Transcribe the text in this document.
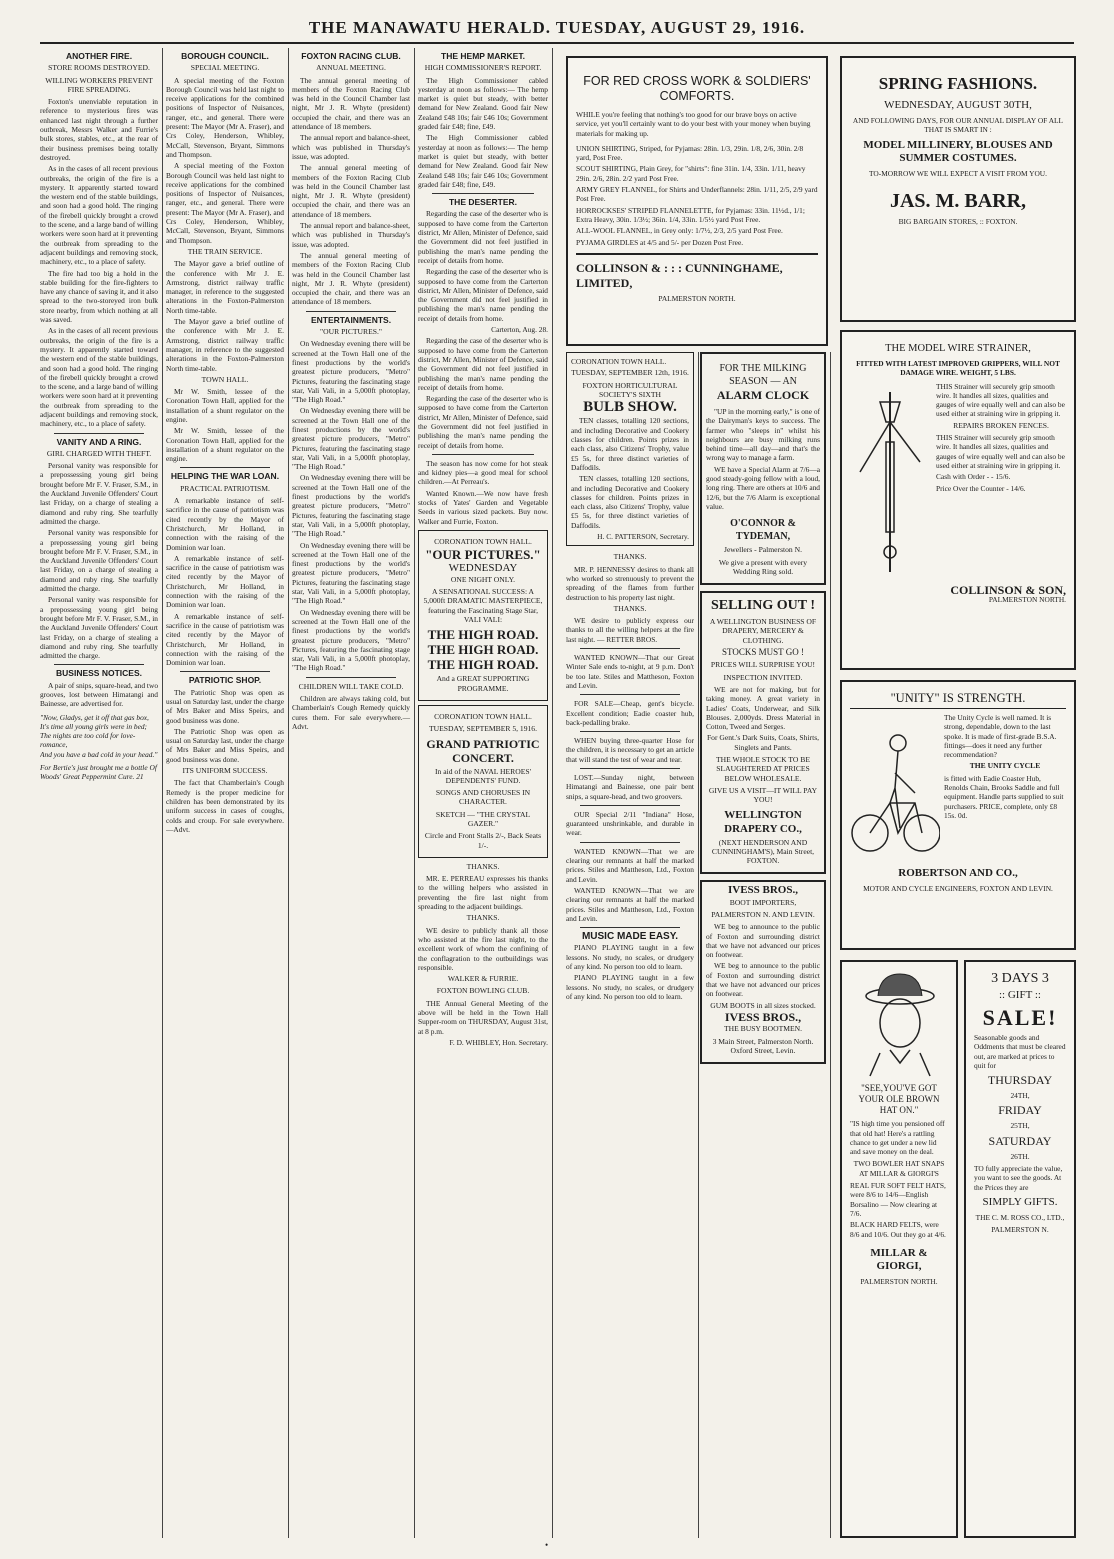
THE MANAWATU HERALD. TUESDAY, AUGUST 29, 1916.
ANOTHER FIRE.
STORE ROOMS DESTROYED.
WILLING WORKERS PREVENT FIRE SPREADING.

Foxton's unenviable reputation in reference to mysterious fires was enhanced last night through a further outbreak, Messrs Walker and Furrie's bulk stores, stables, etc., at the rear of their business premises being totally destroyed.

As in the cases of all recent previous outbreaks, the origin of the fire is a mystery. It apparently started toward the western end of the stable buildings, and soon had a good hold. The ringing of the firebell quickly brought a crowd to the scene, and a large band of willing workers were soon hard at it preventing the outbreak from spreading to the adjacent buildings and removing stock, machinery, etc., to a place of safety.

The fire had too big a hold in the stable building for the fire-fighters to have any chance of saving it, and it also spread to the two-storeyed iron bulk store nearby, from which nothing at all was saved.

As in the cases of all recent previous outbreaks, the origin of the fire is a mystery. It apparently started toward the western end of the stable buildings, and soon had a good hold. The ringing of the firebell quickly brought a crowd to the scene, and a large band of willing workers were soon hard at it preventing the outbreak from spreading to the adjacent buildings and removing stock, machinery, etc., to a place of safety.

VANITY AND A RING.
GIRL CHARGED WITH THEFT.

Personal vanity was responsible for a prepossessing young girl being brought before Mr F. V. Fraser, S.M., in the Auckland Juvenile Offenders' Court last Friday, on a charge of stealing a diamond and ruby ring. She tearfully admitted the charge.

Personal vanity was responsible for a prepossessing young girl being brought before Mr F. V. Fraser, S.M., in the Auckland Juvenile Offenders' Court last Friday, on a charge of stealing a diamond and ruby ring. She tearfully admitted the charge.

Personal vanity was responsible for a prepossessing young girl being brought before Mr F. V. Fraser, S.M., in the Auckland Juvenile Offenders' Court last Friday, on a charge of stealing a diamond and ruby ring. She tearfully admitted the charge.

BUSINESS NOTICES.

A pair of snips, square-head, and two grooves, lost between Himatangi and Bainesse, are advertised for.

"Now, Gladys, get it off that gas box,
It's time all young girls were in bed; The nights are too cold for love-romance,
And you have a bad cold in your head."
For Bertie's just brought me a bottle Of Woods' Great Peppermint Cure. 21
BOROUGH COUNCIL.
SPECIAL MEETING.

A special meeting of the Foxton Borough Council was held last night to receive applications for the combined positions of Inspector of Nuisances, ranger, etc., and general. There were present: The Mayor (Mr A. Fraser), and Crs Coley, Henderson, Whibley, McCall, Stevenson, Bryant, Simmons and Thompson.

A special meeting of the Foxton Borough Council was held last night to receive applications for the combined positions of Inspector of Nuisances, ranger, etc., and general. There were present: The Mayor (Mr A. Fraser), and Crs Coley, Henderson, Whibley, McCall, Stevenson, Bryant, Simmons and Thompson.

THE TRAIN SERVICE.

The Mayor gave a brief outline of the conference with Mr J. E. Armstrong, district railway traffic manager, in reference to the suggested alterations in the Foxton-Palmerston North time-table.

The Mayor gave a brief outline of the conference with Mr J. E. Armstrong, district railway traffic manager, in reference to the suggested alterations in the Foxton-Palmerston North time-table.

TOWN HALL.

Mr W. Smith, lessee of the Coronation Town Hall, applied for the installation of a shunt regulator on the engine.

Mr W. Smith, lessee of the Coronation Town Hall, applied for the installation of a shunt regulator on the engine.

HELPING THE WAR LOAN.
PRACTICAL PATRIOTISM.

A remarkable instance of self-sacrifice in the cause of patriotism was cited recently by the Mayor of Christchurch, Mr Holland, in connection with the raising of the Dominion war loan.

A remarkable instance of self-sacrifice in the cause of patriotism was cited recently by the Mayor of Christchurch, Mr Holland, in connection with the raising of the Dominion war loan.

A remarkable instance of self-sacrifice in the cause of patriotism was cited recently by the Mayor of Christchurch, Mr Holland, in connection with the raising of the Dominion war loan.

PATRIOTIC SHOP.

The Patriotic Shop was open as usual on Saturday last, under the charge of Mrs Baker and Miss Speirs, and good business was done.

The Patriotic Shop was open as usual on Saturday last, under the charge of Mrs Baker and Miss Speirs, and good business was done.

ITS UNIFORM SUCCESS.

The fact that Chamberlain's Cough Remedy is the proper medicine for children has been demonstrated by its uniform success in cases of coughs, colds and croup. For sale everywhere.—Advt.

FOXTON RACING CLUB.
ANNUAL MEETING.

The annual general meeting of members of the Foxton Racing Club was held in the Council Chamber last night, Mr J. R. Whyte (president) occupied the chair, and there was an attendance of 18 members.

The annual report and balance-sheet, which was published in Thursday's issue, was adopted.

The annual general meeting of members of the Foxton Racing Club was held in the Council Chamber last night, Mr J. R. Whyte (president) occupied the chair, and there was an attendance of 18 members.

The annual report and balance-sheet, which was published in Thursday's issue, was adopted.

The annual general meeting of members of the Foxton Racing Club was held in the Council Chamber last night, Mr J. R. Whyte (president) occupied the chair, and there was an attendance of 18 members.

ENTERTAINMENTS.
"OUR PICTURES."

On Wednesday evening there will be screened at the Town Hall one of the finest productions by the world's greatest picture producers, "Metro" Pictures, featuring the fascinating stage star, Vali Vali, in a 5,000ft photoplay, "The High Road."

On Wednesday evening there will be screened at the Town Hall one of the finest productions by the world's greatest picture producers, "Metro" Pictures, featuring the fascinating stage star, Vali Vali, in a 5,000ft photoplay, "The High Road."

On Wednesday evening there will be screened at the Town Hall one of the finest productions by the world's greatest picture producers, "Metro" Pictures, featuring the fascinating stage star, Vali Vali, in a 5,000ft photoplay, "The High Road."

On Wednesday evening there will be screened at the Town Hall one of the finest productions by the world's greatest picture producers, "Metro" Pictures, featuring the fascinating stage star, Vali Vali, in a 5,000ft photoplay, "The High Road."

On Wednesday evening there will be screened at the Town Hall one of the finest productions by the world's greatest picture producers, "Metro" Pictures, featuring the fascinating stage star, Vali Vali, in a 5,000ft photoplay, "The High Road."

CHILDREN WILL TAKE COLD.

Children are always taking cold, but Chamberlain's Cough Remedy quickly cures them. For sale everywhere.—Advt.

THE HEMP MARKET.
HIGH COMMISSIONER'S REPORT.

The High Commissioner cabled yesterday at noon as follows:— The hemp market is quiet but steady, with better demand for New Zealand. Good fair New Zealand £48 10s; fair £46 10s; Government graded fair £48; fine, £49.

The High Commissioner cabled yesterday at noon as follows:— The hemp market is quiet but steady, with better demand for New Zealand. Good fair New Zealand £48 10s; fair £46 10s; Government graded fair £48; fine, £49.

THE DESERTER.

Regarding the case of the deserter who is supposed to have come from the Carterton district, Mr Allen, Minister of Defence, said the Government did not feel justified in publishing the man's name pending the receipt of details from home.

Regarding the case of the deserter who is supposed to have come from the Carterton district, Mr Allen, Minister of Defence, said the Government did not feel justified in publishing the man's name pending the receipt of details from home.

Carterton, Aug. 28.

Regarding the case of the deserter who is supposed to have come from the Carterton district, Mr Allen, Minister of Defence, said the Government did not feel justified in publishing the man's name pending the receipt of details from home.

Regarding the case of the deserter who is supposed to have come from the Carterton district, Mr Allen, Minister of Defence, said the Government did not feel justified in publishing the man's name pending the receipt of details from home.

The season has now come for hot steak and kidney pies—a good meal for school children.—At Perreau's.

Wanted Known.—We now have fresh stocks of Yates' Garden and Vegetable Seeds in various sized packets. Buy now. Walker and Furrie, Foxton.

CORONATION TOWN HALL.
"OUR PICTURES."
WEDNESDAY
ONE NIGHT ONLY.
A SENSATIONAL SUCCESS: A 5,000ft DRAMATIC MASTERPIECE, featuring the Fascinating Stage Star, VALI VALI:
THE HIGH ROAD.
THE HIGH ROAD.
THE HIGH ROAD.
And a GREAT SUPPORTING PROGRAMME.
CORONATION TOWN HALL.
TUESDAY, SEPTEMBER 5, 1916.
GRAND PATRIOTIC CONCERT.
In aid of the NAVAL HEROES' DEPENDENTS' FUND.
SONGS AND CHORUSES IN CHARACTER.
SKETCH — "THE CRYSTAL GAZER."
Circle and Front Stalls 2/-, Back Seats 1/-.
THANKS.

MR. E. PERREAU expresses his thanks to the willing helpers who assisted in preventing the fire last night from spreading to the adjacent buildings.

THANKS.

WE desire to publicly thank all those who assisted at the fire last night, to the excellent work of whom the confining of the conflagration to the outbuildings was responsible.

WALKER & FURRIE.
FOXTON BOWLING CLUB.

THE Annual General Meeting of the above will be held in the Town Hall Supper-room on THURSDAY, August 31st, at 8 p.m.

F. D. WHIBLEY, Hon. Secretary.
FOR RED CROSS WORK & SOLDIERS' COMFORTS.

WHILE you're feeling that nothing's too good for our brave boys on active service, yet you'll certainly want to do your best with your money when buying materials for making up.

UNION SHIRTING, Striped, for Pyjamas: 28in. 1/3, 29in. 1/8, 2/6, 30in. 2/8 yard, Post Free.
SCOUT SHIRTING, Plain Grey, for "shirts": fine 31in. 1/4, 33in. 1/11, heavy 29in. 2/6, 28in. 2/2 yard Post Free.
ARMY GREY FLANNEL, for Shirts and Underflannels: 28in. 1/11, 2/5, 2/9 yard Post Free.
HORROCKSES' STRIPED FLANNELETTE, for Pyjamas: 33in. 11½d., 1/1; Extra Heavy, 30in. 1/3½; 36in. 1/4, 33in. 1/5½ yard Post Free.
ALL-WOOL FLANNEL, in Grey only: 1/7½, 2/3, 2/5 yard Post Free.
PYJAMA GIRDLES at 4/5 and 5/- per Dozen Post Free.
COLLINSON & : : : CUNNINGHAME, LIMITED,
PALMERSTON NORTH.
CORONATION TOWN HALL.
TUESDAY, SEPTEMBER 12th, 1916.
FOXTON HORTICULTURAL SOCIETY'S SIXTH
BULB SHOW.

TEN classes, totalling 120 sections, and including Decorative and Cookery classes for children. Points prizes in each class, also Citizens' Trophy, value £5 5s, for three distinct varieties of Daffodils.

TEN classes, totalling 120 sections, and including Decorative and Cookery classes for children. Points prizes in each class, also Citizens' Trophy, value £5 5s, for three distinct varieties of Daffodils.

H. C. PATTERSON, Secretary.
THANKS.

MR. P. HENNESSY desires to thank all who worked so strenuously to prevent the spreading of the flames from further destruction to his property last night.

THANKS.

WE desire to publicly express our thanks to all the willing helpers at the fire last night. — RETTER BROS.

WANTED KNOWN—That our Great Winter Sale ends to-night, at 9 p.m. Don't be too late. Stiles and Mattheson, Foxton and Levin.

FOR SALE—Cheap, gent's bicycle. Excellent condition; Eadie coaster hub, back-pedalling brake.

WHEN buying three-quarter Hose for the children, it is necessary to get an article that will stand the test of wear and tear.

LOST.—Sunday night, between Himatangi and Bainesse, one pair bent snips, a square-head, and two groovers.

OUR Special 2/11 "Indiana" Hose, guaranteed unshrinkable, and durable in wear.

WANTED KNOWN—That we are clearing our remnants at half the marked prices. Stiles and Mattheson, Ltd., Foxton and Levin.

WANTED KNOWN—That we are clearing our remnants at half the marked prices. Stiles and Mattheson, Ltd., Foxton and Levin.

MUSIC MADE EASY.

PIANO PLAYING taught in a few lessons. No study, no scales, or drudgery of any kind. No person too old to learn.

PIANO PLAYING taught in a few lessons. No study, no scales, or drudgery of any kind. No person too old to learn.

FOR THE MILKING
SEASON — AN
ALARM CLOCK

"UP in the morning early," is one of the Dairyman's keys to success. The farmer who "sleeps in" whilst his neighbours are busy milking runs behind time—all day—and that's the wrong way to manage a farm.

WE have a Special Alarm at 7/6—a good steady-going fellow with a loud, long ring. There are others at 10/6 and 12/6, but the 7/6 Alarm is exceptional value.

O'CONNOR & TYDEMAN,
Jewellers - Palmerston N.
We give a present with every Wedding Ring sold.
SELLING OUT !
A WELLINGTON BUSINESS OF DRAPERY, MERCERY & CLOTHING.
STOCKS MUST GO !
PRICES WILL SURPRISE YOU!
INSPECTION INVITED.

WE are not for making, but for taking money. A great variety in Ladies' Coats, Underwear, and Silk Blouses. 2,000yds. Dress Material in Cotton, Tweed and Serges.

For Gent.'s Dark Suits, Coats, Shirts, Singlets and Pants.
THE WHOLE STOCK TO BE SLAUGHTERED AT PRICES BELOW WHOLESALE.
GIVE US A VISIT—IT WILL PAY YOU!
WELLINGTON DRAPERY CO.,
(NEXT HENDERSON AND CUNNINGHAM'S), Main Street, FOXTON.
IVESS BROS.,
BOOT IMPORTERS,
PALMERSTON N. AND LEVIN.

WE beg to announce to the public of Foxton and surrounding district that we have not advanced our prices on footwear.

WE beg to announce to the public of Foxton and surrounding district that we have not advanced our prices on footwear.

GUM BOOTS in all sizes stocked.
IVESS BROS.,
THE BUSY BOOTMEN.
3 Main Street, Palmerston North. Oxford Street, Levin.
SPRING FASHIONS.
WEDNESDAY, AUGUST 30TH,
AND FOLLOWING DAYS, FOR OUR ANNUAL DISPLAY OF ALL THAT IS SMART IN :
MODEL MILLINERY, BLOUSES AND SUMMER COSTUMES.
TO-MORROW WE WILL EXPECT A VISIT FROM YOU.
JAS. M. BARR,
BIG BARGAIN STORES, :: FOXTON.
THE MODEL WIRE STRAINER,
FITTED WITH LATEST IMPROVED GRIPPERS, WILL NOT DAMAGE WIRE. WEIGHT, 5 LBS.

THIS Strainer will securely grip smooth wire. It handles all sizes, qualities and gauges of wire equally well and can also be used either at straining wire in gripping it.

REPAIRS BROKEN FENCES.

THIS Strainer will securely grip smooth wire. It handles all sizes, qualities and gauges of wire equally well and can also be used either at straining wire in gripping it.

Cash with Order - - 15/6.
Price Over the Counter - 14/6.
COLLINSON & SON,
PALMERSTON NORTH.
"UNITY" IS STRENGTH.

The Unity Cycle is well named. It is strong, dependable, down to the last spoke. It is made of first-grade B.S.A. fittings—does it need any further recommendation?

THE UNITY CYCLE

is fitted with Eadie Coaster Hub, Renolds Chain, Brooks Saddle and full equipment. Handle parts supplied to suit purchasers. PRICE, complete, only £8 15s. 0d.

ROBERTSON AND CO.,
MOTOR AND CYCLE ENGINEERS, FOXTON AND LEVIN.
"SEE,YOU'VE GOT YOUR OLE BROWN HAT ON."

"IS high time you pensioned off that old hat! Here's a rattling chance to get under a new lid and save money on the deal.

TWO BOWLER HAT SNAPS AT MILLAR & GIORGI'S

REAL FUR SOFT FELT HATS, were 8/6 to 14/6—English Borsalino — Now clearing at 7/6.

BLACK HARD FELTS, were 8/6 and 10/6. Out they go at 4/6.

MILLAR & GIORGI,
PALMERSTON NORTH.
3 DAYS 3
:: GIFT ::
SALE!

Seasonable goods and Oddments that must be cleared out, are marked at prices to quit for

THURSDAY
24TH,
FRIDAY
25TH,
SATURDAY
26TH.

TO fully appreciate the value, you want to see the goods. At the Prices they are

SIMPLY GIFTS.
THE C. M. ROSS CO., LTD.,
PALMERSTON N.
•
